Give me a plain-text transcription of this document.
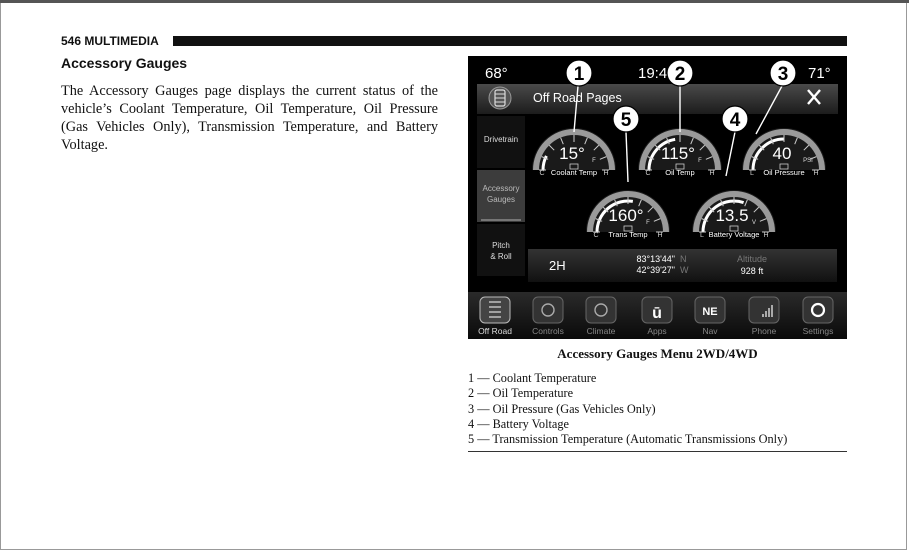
546 MULTIMEDIA
Accessory Gauges
The Accessory Gauges page displays the current status of the vehicle’s Coolant Temperature, Oil Temperature, Oil Pressure (Gas Vehicles Only), Transmission Temperature, and Battery Voltage.
68°	19:4	71°
Off Road Pages
Drivetrain
Accessory
Gauges
Pitch
& Roll
C	H
15° F
Coolant Temp	C	H
115° F
Oil Temp	L	H
40 PSI
Oil Pressure
C	H
160° F
Trans Temp	L	H
13.5 V
Battery Voltage
2H	83°13'44" N
42°39'27" W
Altitude
928 ft
1	2	3
4
5
Off Road Controls	Climate
ū
Apps
NE
Nav	Phone	Settings
Accessory Gauges Menu 2WD/4WD
1 — Coolant Temperature
2 — Oil Temperature
3 — Oil Pressure (Gas Vehicles Only)
4 — Battery Voltage
5 — Transmission Temperature (Automatic Transmissions Only)
